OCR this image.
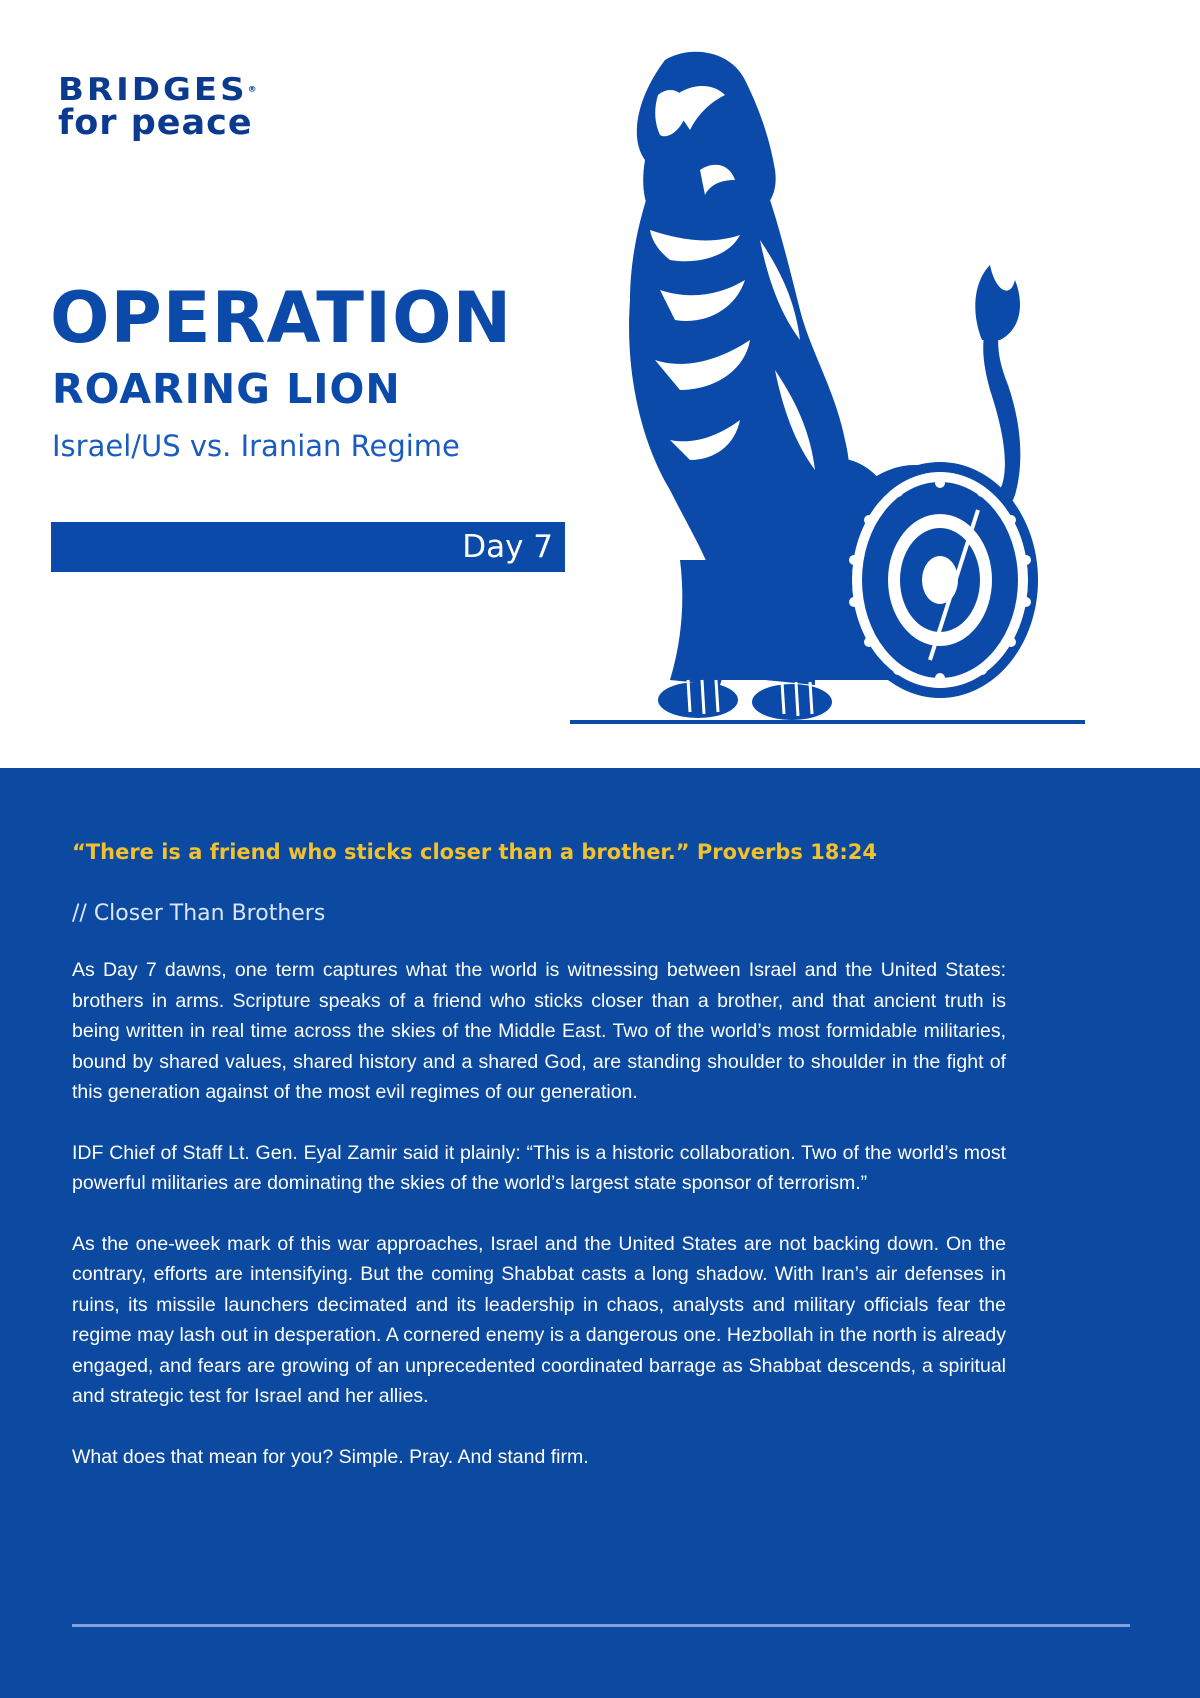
BRIDGES®
for peace
OPERATION
ROARING LION
Israel/US vs. Iranian Regime
Day 7
“There is a friend who sticks closer than a brother.” Proverbs 18:24
// Closer Than Brothers

As Day 7 dawns, one term captures what the world is witnessing between Israel and the United States: brothers in arms. Scripture speaks of a friend who sticks closer than a brother, and that ancient truth is being written in real time across the skies of the Middle East. Two of the world’s most formidable militaries, bound by shared values, shared history and a shared God, are standing shoulder to shoulder in the fight of this generation against of the most evil regimes of our generation.

IDF Chief of Staff Lt. Gen. Eyal Zamir said it plainly: “This is a historic collaboration. Two of the world’s most powerful militaries are dominating the skies of the world’s largest state sponsor of terrorism.”

As the one-week mark of this war approaches, Israel and the United States are not backing down. On the contrary, efforts are intensifying. But the coming Shabbat casts a long shadow. With Iran’s air defenses in ruins, its missile launchers decimated and its leadership in chaos, analysts and military officials fear the regime may lash out in desperation. A cornered enemy is a dangerous one. Hezbollah in the north is already engaged, and fears are growing of an unprecedented coordinated barrage as Shabbat descends, a spiritual and strategic test for Israel and her allies.

What does that mean for you? Simple. Pray. And stand firm.
